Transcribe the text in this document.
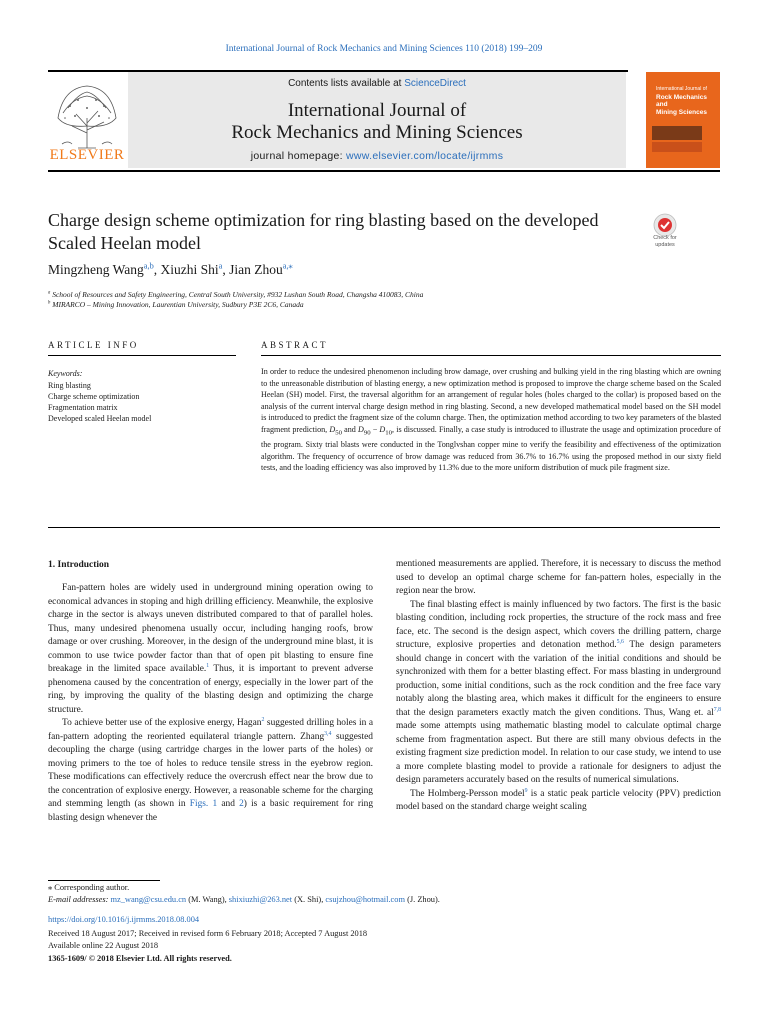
International Journal of Rock Mechanics and Mining Sciences 110 (2018) 199–209
ELSEVIER
Contents lists available at ScienceDirect
International Journal of
Rock Mechanics and Mining Sciences
journal homepage: www.elsevier.com/locate/ijrmms
International Journal of
Rock Mechanics
and
Mining Sciences
Charge design scheme optimization for ring blasting based on the developed
Scaled Heelan model	Check for
updates
Mingzheng Wang$^{a,b}$, Xiuzhi Shi$^a$, Jian Zhou$^{a,⁎}$
$^a$ School of Resources and Safety Engineering, Central South University, #932 Lushan South Road, Changsha 410083, China
$^b$ MIRARCO – Mining Innovation, Laurentian University, Sudbury P3E 2C6, Canada
ARTICLE INFO	ABSTRACT
Keywords:
Ring blasting
Charge scheme optimization
Fragmentation matrix
Developed scaled Heelan model
In order to reduce the undesired phenomenon including brow damage, over crushing and bulking yield in the ring blasting which are owning to the unreasonable distribution of blasting energy, a new optimization method is proposed to improve the charge scheme based on the Scaled Heelan (SH) model. First, the traversal algorithm for an arrangement of regular holes (holes charged to the collar) is proposed based on the analysis of the current interval charge design method in ring blasting. Second, a new developed mathematical model based on the SH model is introduced to predict the fragment size of the column charge. Then, the optimization method according to two key parameters of the blasted fragment prediction, $D_{50}$ and $D_{90} - D_{10}$, is discussed. Finally, a case study is introduced to illustrate the usage and optimization procedure of the program. Sixty trial blasts were conducted in the Tonglvshan copper mine to verify the feasibility and effectiveness of the optimization algorithm. The frequency of occurrence of brow damage was reduced from 36.7% to 16.7% using the proposed method in our sixty field tests, and the loading efficiency was also improved by 11.3% due to the more uniform distribution of muck pile fragment size.
1. Introduction

Fan-pattern holes are widely used in underground mining operation owing to economical advances in stoping and high drilling efficiency. Meanwhile, the explosive charge in the sector is always uneven distributed compared to that of parallel holes. Thus, many undesired phenomena usually occur, including hanging roofs, brow damage or over crushing. Moreover, in the design of the underground mine blast, it is common to use twice powder factor than that of open pit blasting to ensure fine breakage in the limited space available.$^1$ Thus, it is important to prevent adverse phenomena caused by the concentration of energy, especially in the lower part of the ring, by improving the quality of the blasting design and optimizing the charge structure.

To achieve better use of the explosive energy, Hagan$^2$ suggested drilling holes in a fan-pattern adopting the reoriented equilateral triangle pattern. Zhang$^{3,4}$ suggested decoupling the charge (using cartridge charges in the lower parts of the holes) or moving primers to the toe of holes to reduce tensile stress in the eyebrow region. These modifications can effectively reduce the overcrush effect near the brow due to the concentration of explosive energy. However, a reasonable scheme for the charging and stemming length (as shown in Figs. 1 and 2) is a basic requirement for ring blasting design whenever the

mentioned measurements are applied. Therefore, it is necessary to discuss the method used to develop an optimal charge scheme for fan-pattern holes, especially in the region near the brow.

The final blasting effect is mainly influenced by two factors. The first is the basic blasting condition, including rock properties, the structure of the rock mass and free face, etc. The second is the design aspect, which covers the drilling pattern, charge structure, explosive properties and detonation method.$^{5,6}$ The design parameters should change in concert with the variation of the initial conditions and should be synchronized with them for a better blasting effect. For mass blasting in underground production, some initial conditions, such as the rock condition and the free face vary notably along the blasting area, which makes it difficult for the engineers to ensure that the design parameters exactly match the given conditions. Thus, Wang et. al$^{7,8}$ made some attempts using mathematic blasting model to calculate optimal charge scheme from fragmentation aspect. But there are still many obvious defects in the existing fragment size prediction model. In relation to our case study, we intend to use a more complete blasting model to provide a rationale for designers to adjust the design parameters accurately based on the results of numerical simulations.

The Holmberg-Persson model$^9$ is a static peak particle velocity (PPV) prediction model based on the standard charge weight scaling

⁎ Corresponding author.
E-mail addresses: mz_wang@csu.edu.cn (M. Wang), shixiuzhi@263.net (X. Shi), csujzhou@hotmail.com (J. Zhou).
https://doi.org/10.1016/j.ijrmms.2018.08.004
Received 18 August 2017; Received in revised form 6 February 2018; Accepted 7 August 2018
Available online 22 August 2018
1365-1609/ © 2018 Elsevier Ltd. All rights reserved.
